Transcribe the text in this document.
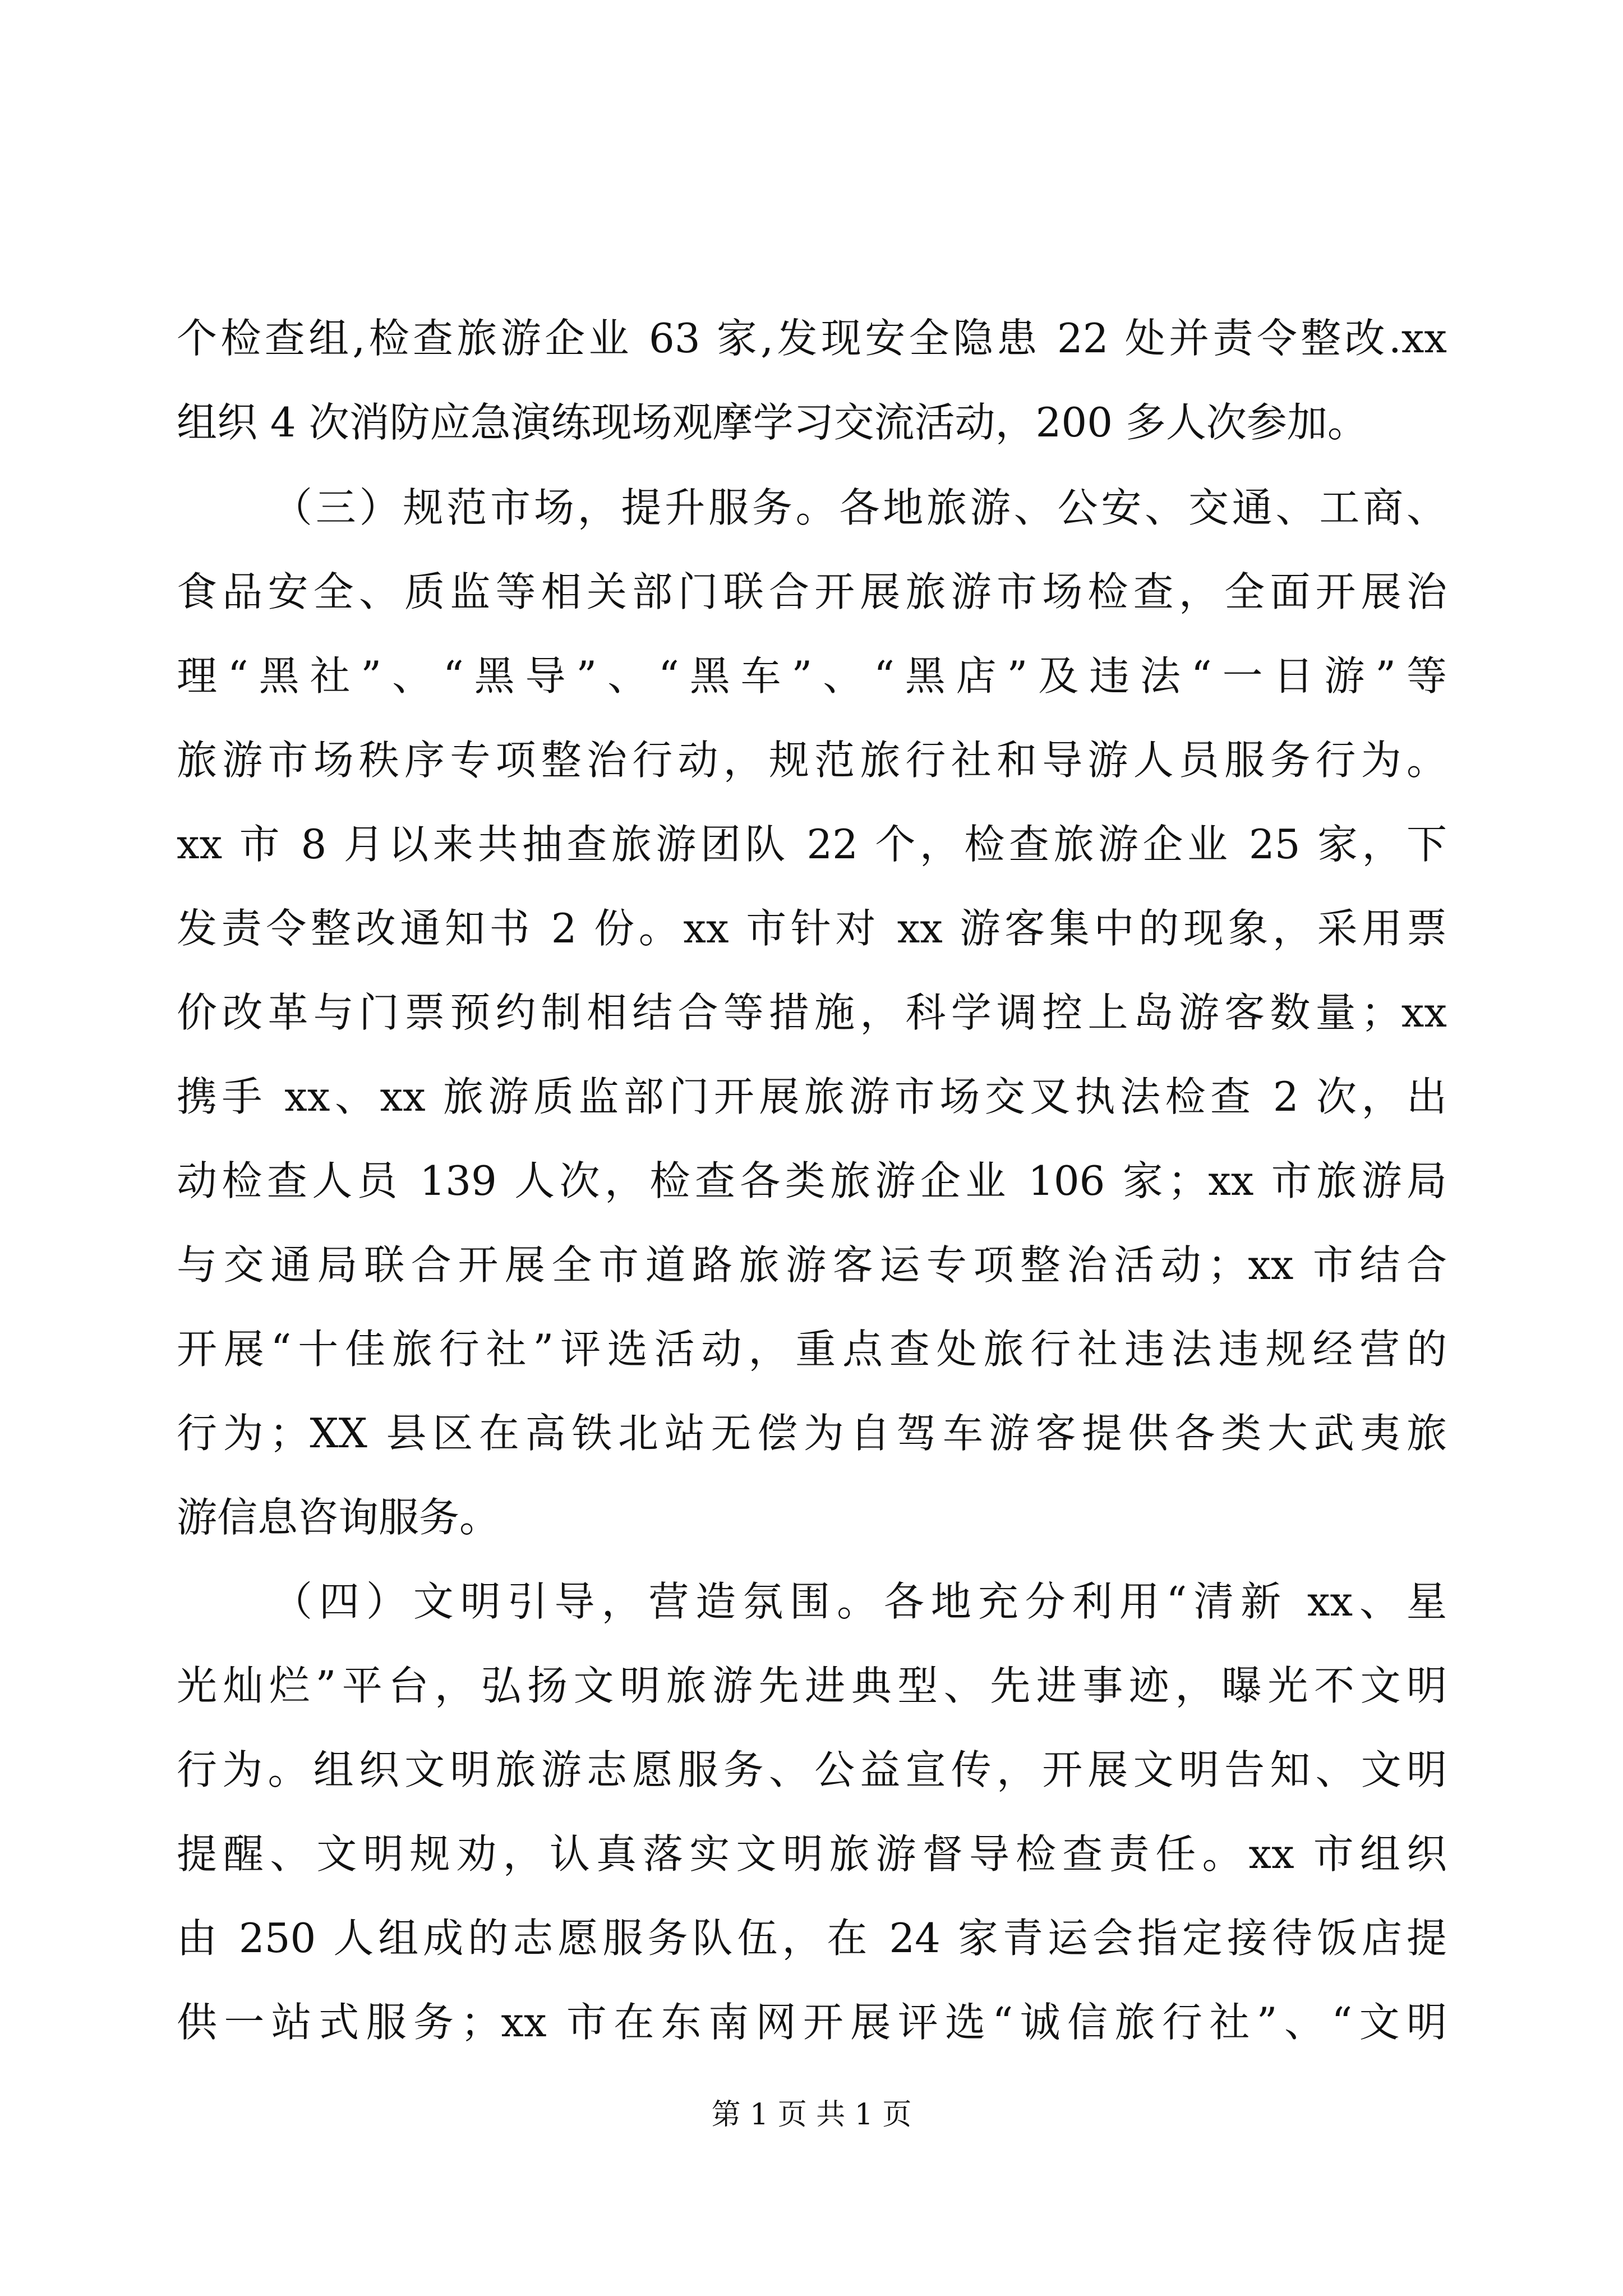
个检查组,检查旅游企业 63 家,发现安全隐患 22 处并责令整改.xx
组织 4 次消防应急演练现场观摩学习交流活动，200 多人次参加。
（三）规范市场，提升服务。各地旅游、公安、交通、工商、
食品安全、质监等相关部门联合开展旅游市场检查，全面开展治
理“黑社”、“黑导”、“黑车”、“黑店”及违法“一日游”等
旅游市场秩序专项整治行动，规范旅行社和导游人员服务行为。
xx 市 8 月以来共抽查旅游团队 22 个，检查旅游企业 25 家，下
发责令整改通知书 2 份。xx 市针对 xx 游客集中的现象，采用票
价改革与门票预约制相结合等措施，科学调控上岛游客数量；xx
携手 xx、xx 旅游质监部门开展旅游市场交叉执法检查 2 次，出
动检查人员 139 人次，检查各类旅游企业 106 家；xx 市旅游局
与交通局联合开展全市道路旅游客运专项整治活动；xx 市结合
开展“十佳旅行社”评选活动，重点查处旅行社违法违规经营的
行为；XX 县区在高铁北站无偿为自驾车游客提供各类大武夷旅
游信息咨询服务。
（四）文明引导，营造氛围。各地充分利用“清新 xx、星
光灿烂”平台，弘扬文明旅游先进典型、先进事迹，曝光不文明
行为。组织文明旅游志愿服务、公益宣传，开展文明告知、文明
提醒、文明规劝，认真落实文明旅游督导检查责任。xx 市组织
由 250 人组成的志愿服务队伍，在 24 家青运会指定接待饭店提
供一站式服务；xx 市在东南网开展评选“诚信旅行社”、“文明
第 1 页 共 1 页
